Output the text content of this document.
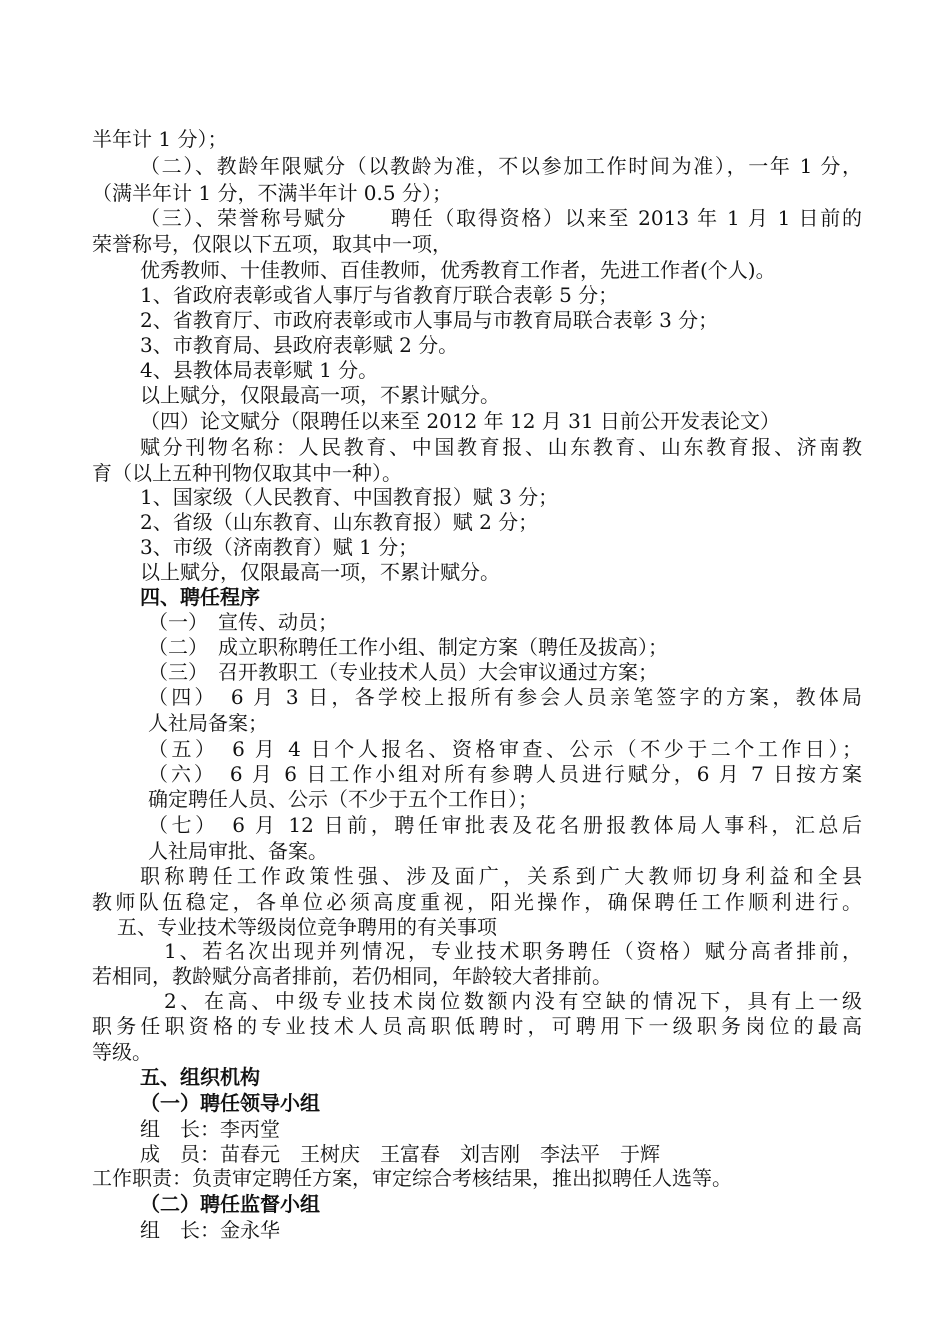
半年计 1 分）；
（二）、教龄年限赋分（以教龄为准，不以参加工作时间为准），一年 1 分，
（满半年计 1 分，不满半年计 0.5 分）；
（三）、荣誉称号赋分　　聘任（取得资格）以来至 2013 年 1 月 1 日前的
荣誉称号，仅限以下五项，取其中一项，
优秀教师、十佳教师、百佳教师，优秀教育工作者，先进工作者(个人)。
1、省政府表彰或省人事厅与省教育厅联合表彰 5 分；
2、省教育厅、市政府表彰或市人事局与市教育局联合表彰 3 分；
3、市教育局、县政府表彰赋 2 分。
4、县教体局表彰赋 1 分。
以上赋分，仅限最高一项，不累计赋分。
（四）论文赋分（限聘任以来至 2012 年 12 月 31 日前公开发表论文）
赋分刊物名称：人民教育、中国教育报、山东教育、山东教育报、济南教
育（以上五种刊物仅取其中一种）。
1、国家级（人民教育、中国教育报）赋 3 分；
2、省级（山东教育、山东教育报）赋 2 分；
3、市级（济南教育）赋 1 分；
以上赋分，仅限最高一项，不累计赋分。
四、聘任程序
（一）　宣传、动员；
（二）　成立职称聘任工作小组、制定方案（聘任及拔高）；
（三）　召开教职工（专业技术人员）大会审议通过方案；
（四）　6 月 3 日，各学校上报所有参会人员亲笔签字的方案，教体局
人社局备案；
（五）　6 月 4 日个人报名、资格审查、公示（不少于二个工作日）；
（六）　6 月 6 日工作小组对所有参聘人员进行赋分，6 月 7 日按方案
确定聘任人员、公示（不少于五个工作日）；
（七）　6 月 12 日前，聘任审批表及花名册报教体局人事科，汇总后
人社局审批、备案。
职称聘任工作政策性强、涉及面广，关系到广大教师切身利益和全县
教师队伍稳定，各单位必须高度重视，阳光操作，确保聘任工作顺利进行。
五、专业技术等级岗位竞争聘用的有关事项
1、若名次出现并列情况，专业技术职务聘任（资格）赋分高者排前，
若相同，教龄赋分高者排前，若仍相同，年龄较大者排前。
2、在高、中级专业技术岗位数额内没有空缺的情况下，具有上一级
职务任职资格的专业技术人员高职低聘时，可聘用下一级职务岗位的最高
等级。
五、组织机构
（一）聘任领导小组
组　长：李丙堂
成　员：苗春元　王树庆　王富春　刘吉刚　李法平　于辉
工作职责：负责审定聘任方案，审定综合考核结果，推出拟聘任人选等。
（二）聘任监督小组
组　长：金永华
